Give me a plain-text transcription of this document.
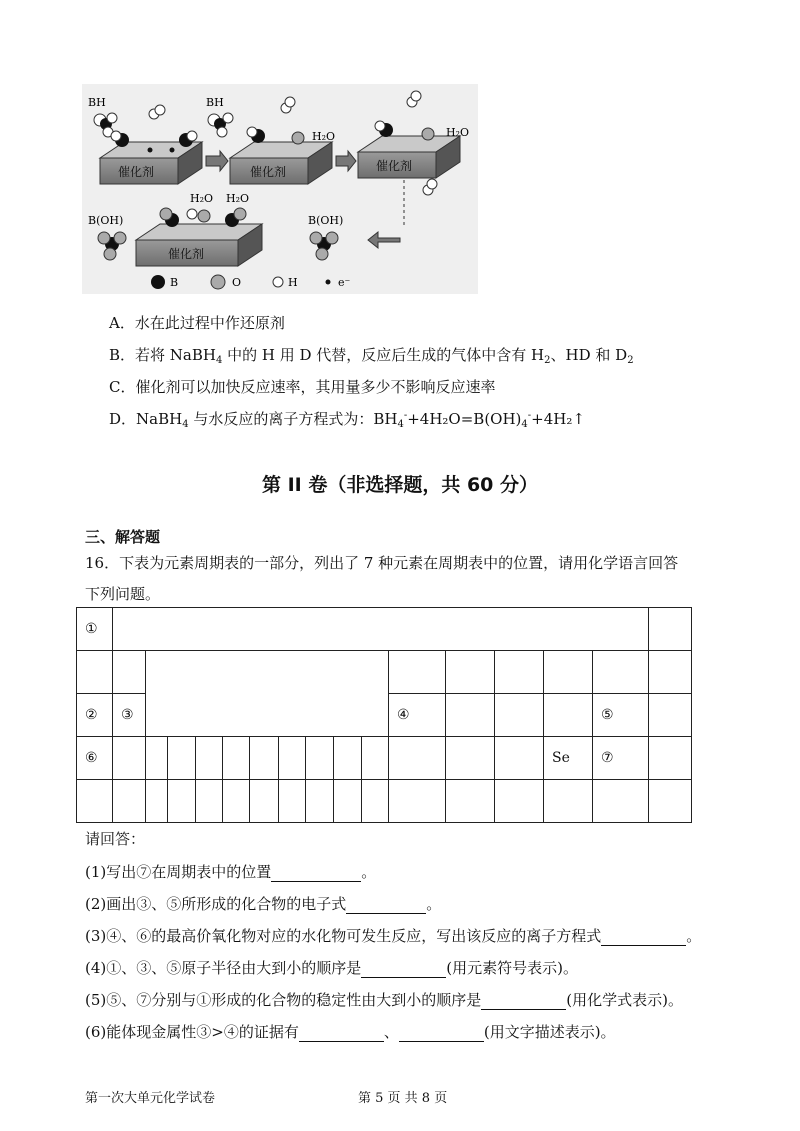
催化剂	催化剂	催化剂
催化剂
BH	BH
H₂O	H₂O
B(OH)	B(OH)
H₂O H₂O
B	O	H	e⁻
A．水在此过程中作还原剂
B．若将 NaBH$_4$ 中的 H 用 D 代替，反应后生成的气体中含有 $H_2$、HD 和 $D_2$
C．催化剂可以加快反应速率，其用量多少不影响反应速率
D．NaBH$_4$ 与水反应的离子方程式为：$BH_4^-+4H_2O=B(OH)_4^-+4H_2↑$
第 II 卷（非选择题，共 60 分）
三、解答题
16．下表为元素周期表的一部分，列出了 7 种元素在周期表中的位置，请用化学语言回答
下列问题。
①																

②	③										④				⑤	
⑥														Se	⑦	

请回答：
(1)写出⑦在周期表中的位置	。
(2)画出③、⑤所形成的化合物的电子式	。
(3)④、⑥的最高价氧化物对应的水化物可发生反应，写出该反应的离子方程式	。
(4)①、③、⑤原子半径由大到小的顺序是	(用元素符号表示)。
(5)⑤、⑦分别与①形成的化合物的稳定性由大到小的顺序是	(用化学式表示)。
(6)能体现金属性③>④的证据有	、	(用文字描述表示)。
第一次大单元化学试卷	第 5 页 共 8 页
